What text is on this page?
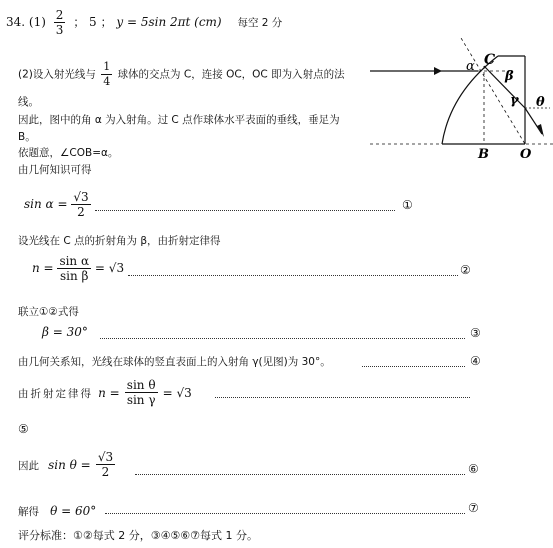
34. $(1) \frac{2}{3}$ ； 5 ； y = 5sin 2πt (cm) 每空 2 分
(2)设入射光线与 $\frac{1}{4}$ 球体的交点为 C，连接 OC，OC 即为入射点的法
线。
因此，图中的角 α 为入射角。过 C 点作球体水平表面的垂线，垂足为
B。
依题意，∠COB=α。
由几何知识可得
α C
β
γ θ
B O
$\sin \alpha = \frac{√3}{2}$	①
设光线在 C 点的折射角为 β，由折射定律得
$n = \frac{\text{sin α}}{\text{sin β}} = √3$	②
联立①②式得
β = 30°	③
由几何关系知，光线在球体的竖直表面上的入射角 γ(见图)为 30°。	④
由折射定律得 $n = \frac{\text{sin θ}}{\text{sin γ}} = √3$
⑤
因此 $\sin \theta = \frac{√3}{2}$	⑥
解得 θ = 60°	⑦
评分标准：①②每式 2 分，③④⑤⑥⑦每式 1 分。
